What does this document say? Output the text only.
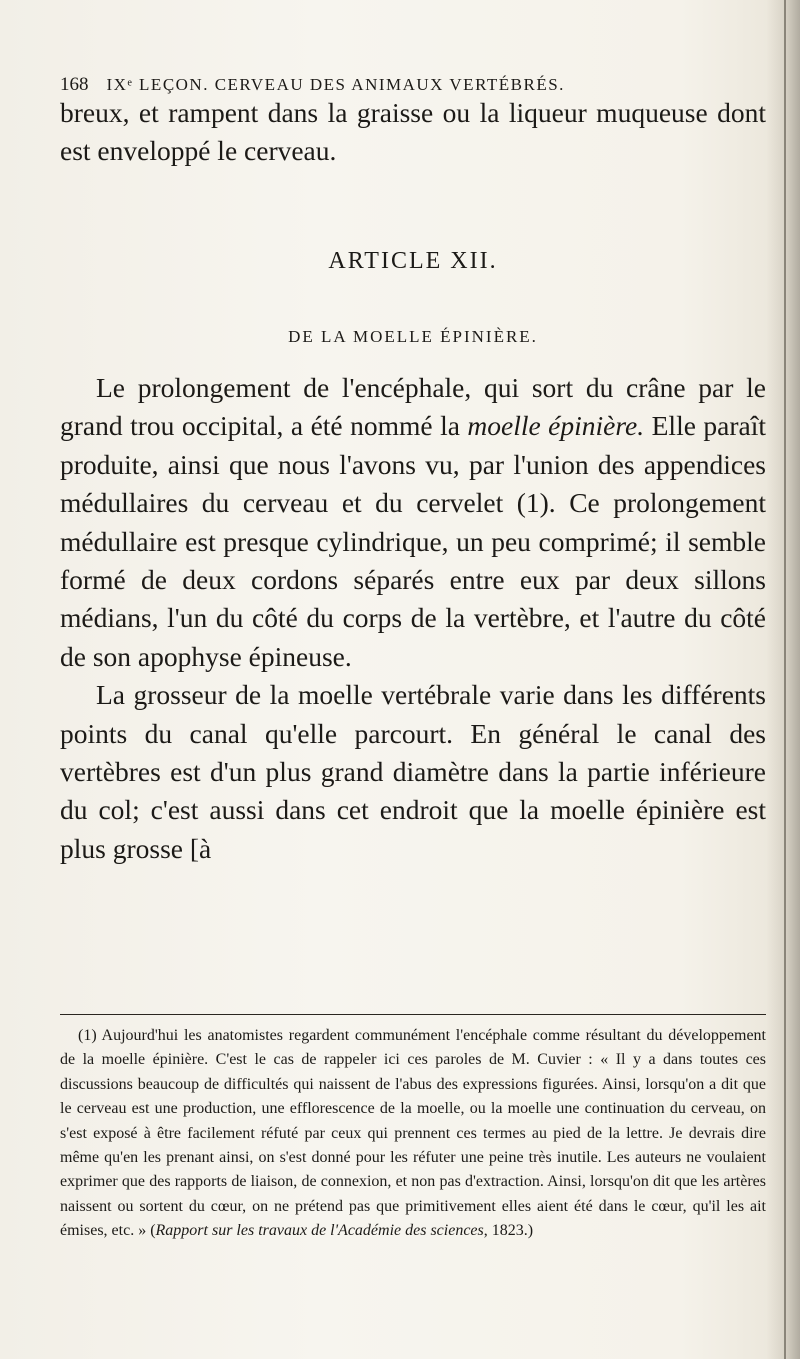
168 IXᵉ LEÇON. CERVEAU DES ANIMAUX VERTÉBRÉS.
breux, et rampent dans la graisse ou la liqueur muqueuse dont est enveloppé le cerveau.
ARTICLE XII.
DE LA MOELLE ÉPINIÈRE.

Le prolongement de l'encéphale, qui sort du crâne par le grand trou occipital, a été nommé la moelle épinière. Elle paraît produite, ainsi que nous l'avons vu, par l'union des appendices médullaires du cerveau et du cervelet (1). Ce prolongement médullaire est presque cylindrique, un peu comprimé; il semble formé de deux cordons séparés entre eux par deux sillons médians, l'un du côté du corps de la vertèbre, et l'autre du côté de son apophyse épineuse.

La grosseur de la moelle vertébrale varie dans les différents points du canal qu'elle parcourt. En général le canal des vertèbres est d'un plus grand diamètre dans la partie inférieure du col; c'est aussi dans cet endroit que la moelle épinière est plus grosse [à

(1) Aujourd'hui les anatomistes regardent communément l'encéphale comme résultant du développement de la moelle épinière. C'est le cas de rappeler ici ces paroles de M. Cuvier : « Il y a dans toutes ces discussions beaucoup de difficultés qui naissent de l'abus des expressions figurées. Ainsi, lorsqu'on a dit que le cerveau est une production, une efflorescence de la moelle, ou la moelle une continuation du cerveau, on s'est exposé à être facilement réfuté par ceux qui prennent ces termes au pied de la lettre. Je devrais dire même qu'en les prenant ainsi, on s'est donné pour les réfuter une peine très inutile. Les auteurs ne voulaient exprimer que des rapports de liaison, de connexion, et non pas d'extraction. Ainsi, lorsqu'on dit que les artères naissent ou sortent du cœur, on ne prétend pas que primitivement elles aient été dans le cœur, qu'il les ait émises, etc. » (Rapport sur les travaux de l'Académie des sciences, 1823.)
